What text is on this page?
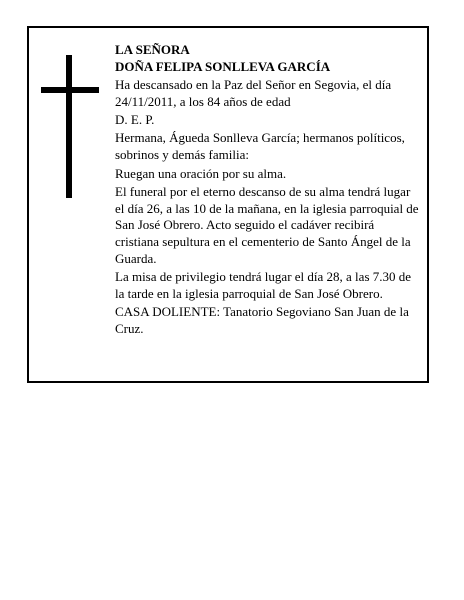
LA SEÑORA

DOÑA FELIPA SONLLEVA GARCÍA

Ha descansado en la Paz del Señor en Segovia, el día 24/11/2011, a los 84 años de edad

D. E. P.

Hermana, Águeda Sonlleva García; hermanos políticos, sobrinos y demás familia:

Ruegan una oración por su alma.

El funeral por el eterno descanso de su alma tendrá lugar el día 26, a las 10 de la mañana, en la iglesia parroquial de San José Obrero. Acto seguido el cadáver recibirá cristiana sepultura en el cementerio de Santo Ángel de la Guarda.

La misa de privilegio tendrá lugar el día 28, a las 7.30 de la tarde en la iglesia parroquial de San José Obrero.

CASA DOLIENTE: Tanatorio Segoviano San Juan de la Cruz.
